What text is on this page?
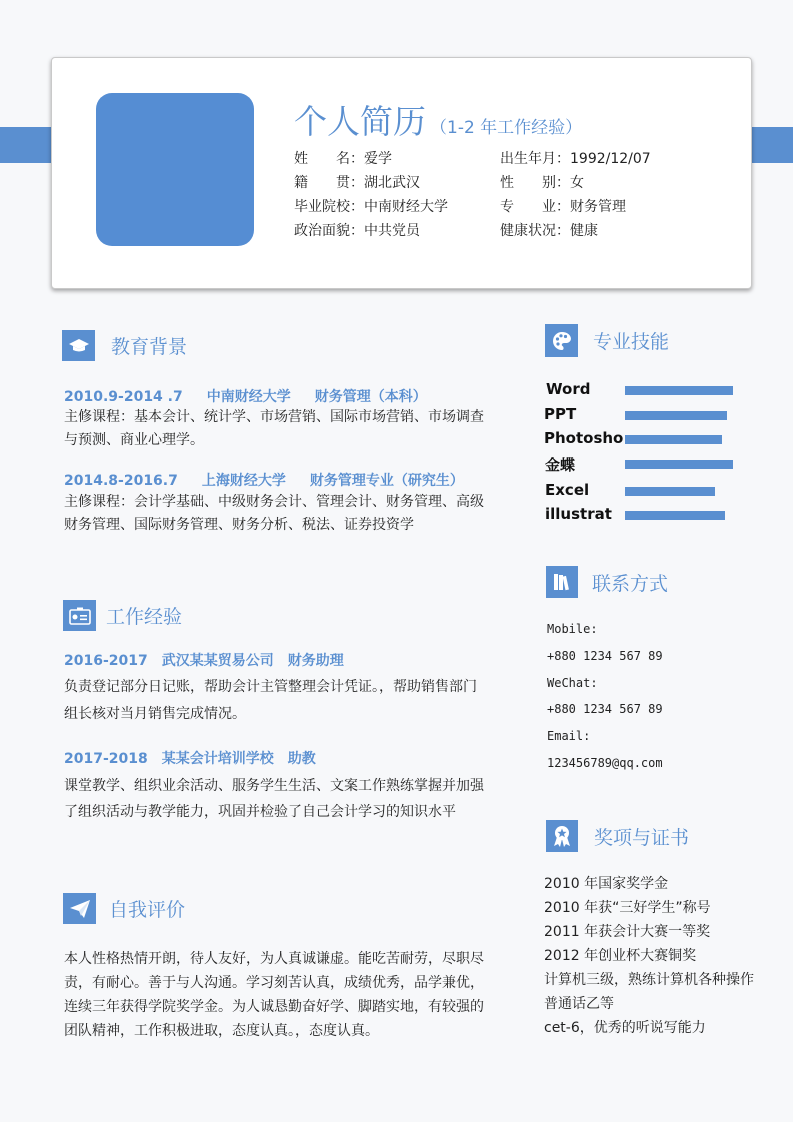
个人简历 （1-2 年工作经验）
姓　　名：爱学
籍　　贯：湖北武汉
毕业院校：中南财经大学
政治面貌：中共党员
出生年月：1992/12/07
性　　别：女
专　　业：财务管理
健康状况：健康
教育背景
2010.9-2014 .7 中南财经大学 财务管理（本科）
主修课程：基本会计、统计学、市场营销、国际市场营销、市场调查与预测、商业心理学。
2014.8-2016.7 上海财经大学 财务管理专业（研究生）
主修课程：会计学基础、中级财务会计、管理会计、财务管理、高级财务管理、国际财务管理、财务分析、税法、证券投资学
工作经验
2016-2017 武汉某某贸易公司 财务助理
负责登记部分日记账，帮助会计主管整理会计凭证。，帮助销售部门组长核对当月销售完成情况。
2017-2018 某某会计培训学校 助教
课堂教学、组织业余活动、服务学生生活、文案工作熟练掌握并加强了组织活动与教学能力，巩固并检验了自己会计学习的知识水平
自我评价
本人性格热情开朗，待人友好，为人真诚谦虚。能吃苦耐劳，尽职尽责，有耐心。善于与人沟通。学习刻苦认真，成绩优秀，品学兼优，连续三年获得学院奖学金。为人诚恳勤奋好学、脚踏实地，有较强的团队精神，工作积极进取，态度认真。，态度认真。
专业技能
Word
PPT
Photosho
金蝶
Excel
illustrat
联系方式
Mobile:
+880 1234 567 89
WeChat:
+880 1234 567 89
Email:
123456789@qq.com
奖项与证书
2010 年国家奖学金
2010 年获“三好学生”称号
2011 年获会计大赛一等奖
2012 年创业杯大赛铜奖
计算机三级，熟练计算机各种操作
普通话乙等
cet-6，优秀的听说写能力
